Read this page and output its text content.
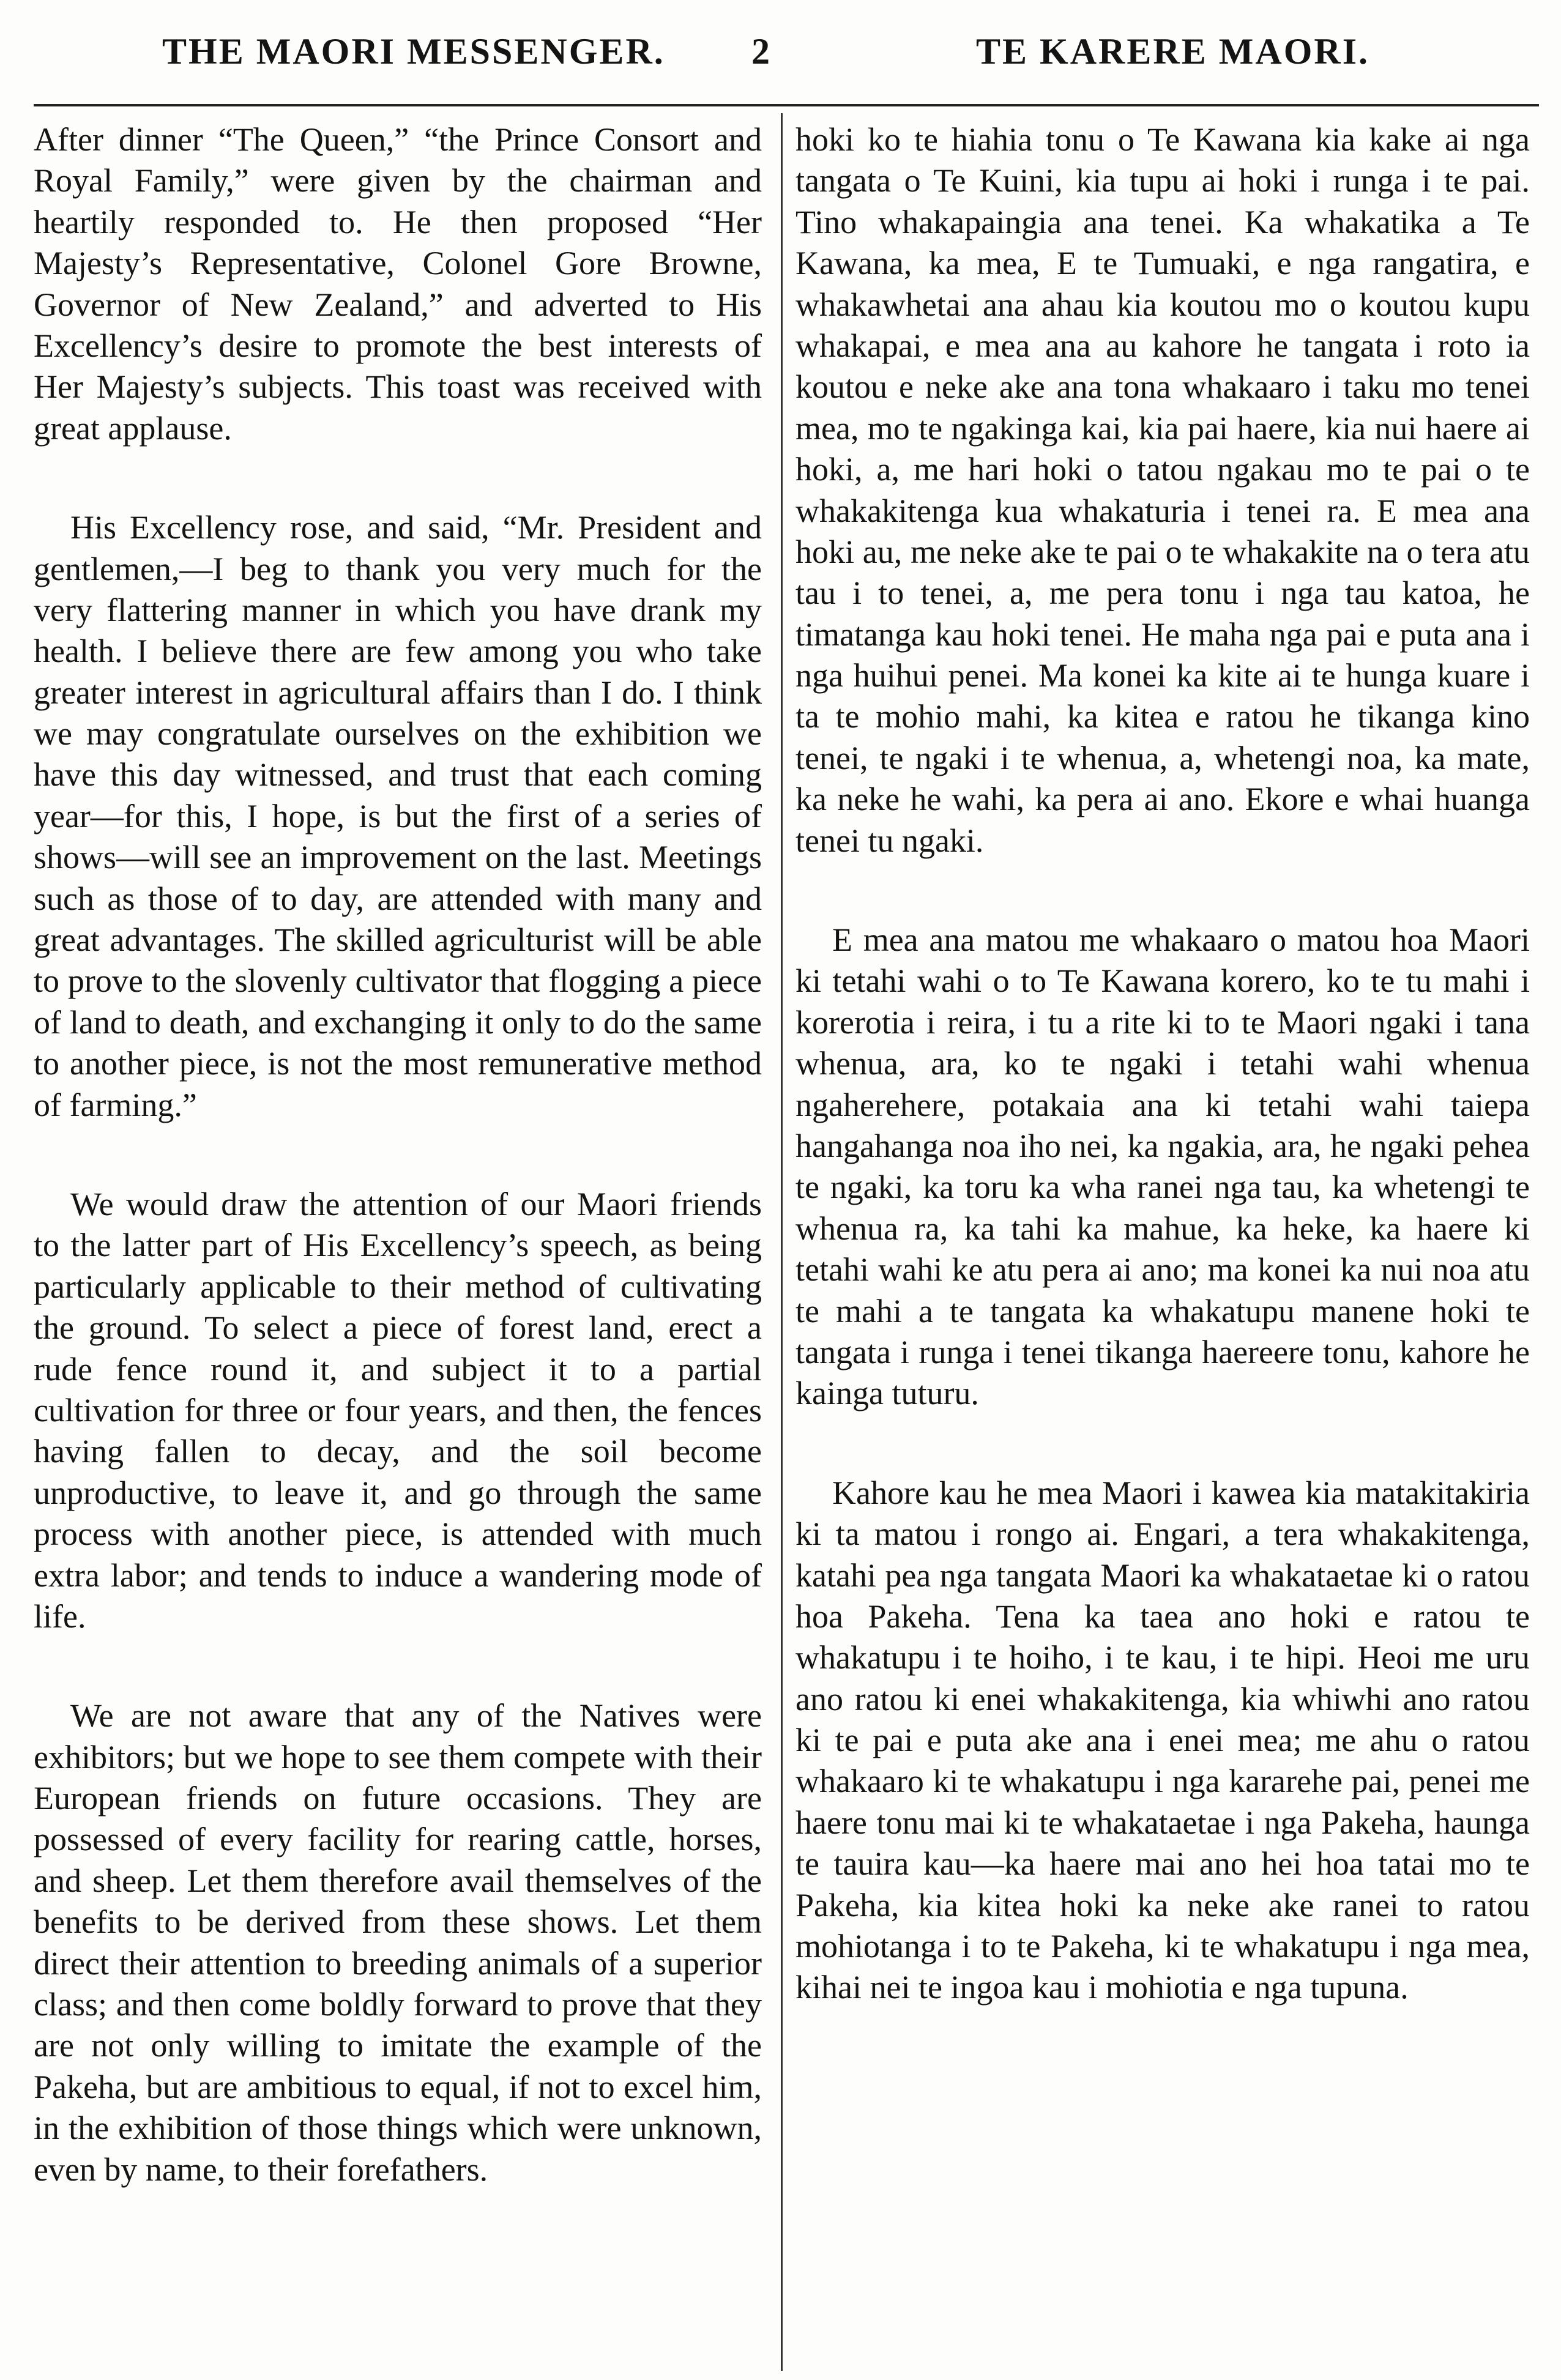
THE MAORI MESSENGER. 2	TE KARERE MAORI.

After dinner “The Queen,” “the Prince Consort and Royal Family,” were given by the chairman and heartily responded to. He then proposed “Her Majesty’s Representative, Colonel Gore Browne, Governor of New Zealand,” and adverted to His Excellency’s desire to promote the best interests of Her Majesty’s subjects. This toast was received with great applause.

His Excellency rose, and said, “Mr. President and gentlemen,—I beg to thank you very much for the very flattering manner in which you have drank my health. I believe there are few among you who take greater interest in agricultural affairs than I do. I think we may congratulate ourselves on the exhibition we have this day witnessed, and trust that each coming year—for this, I hope, is but the first of a series of shows—will see an improvement on the last. Meetings such as those of to day, are attended with many and great advantages. The skilled agriculturist will be able to prove to the slovenly cultivator that flogging a piece of land to death, and exchanging it only to do the same to another piece, is not the most remunerative method of farming.”

We would draw the attention of our Maori friends to the latter part of His Excellency’s speech, as being particularly applicable to their method of cultivating the ground. To select a piece of forest land, erect a rude fence round it, and subject it to a partial cultivation for three or four years, and then, the fences having fallen to decay, and the soil become unproductive, to leave it, and go through the same process with another piece, is attended with much extra labor; and tends to induce a wandering mode of life.

We are not aware that any of the Natives were exhibitors; but we hope to see them compete with their European friends on future occasions. They are possessed of every facility for rearing cattle, horses, and sheep. Let them therefore avail themselves of the benefits to be derived from these shows. Let them direct their attention to breeding animals of a superior class; and then come boldly forward to prove that they are not only willing to imitate the example of the Pakeha, but are ambitious to equal, if not to excel him, in the exhibition of those things which were unknown, even by name, to their forefathers.

hoki ko te hiahia tonu o Te Kawana kia kake ai nga tangata o Te Kuini, kia tupu ai hoki i runga i te pai. Tino whakapaingia ana tenei. Ka whakatika a Te Kawana, ka mea, E te Tumuaki, e nga rangatira, e whakawhetai ana ahau kia koutou mo o koutou kupu whakapai, e mea ana au kahore he tangata i roto ia koutou e neke ake ana tona whakaaro i taku mo tenei mea, mo te ngakinga kai, kia pai haere, kia nui haere ai hoki, a, me hari hoki o tatou ngakau mo te pai o te whakakitenga kua whakaturia i tenei ra. E mea ana hoki au, me neke ake te pai o te whakakite na o tera atu tau i to tenei, a, me pera tonu i nga tau katoa, he timatanga kau hoki tenei. He maha nga pai e puta ana i nga huihui penei. Ma konei ka kite ai te hunga kuare i ta te mohio mahi, ka kitea e ratou he tikanga kino tenei, te ngaki i te whenua, a, whetengi noa, ka mate, ka neke he wahi, ka pera ai ano. Ekore e whai huanga tenei tu ngaki.

E mea ana matou me whakaaro o matou hoa Maori ki tetahi wahi o to Te Kawana korero, ko te tu mahi i korerotia i reira, i tu a rite ki to te Maori ngaki i tana whenua, ara, ko te ngaki i tetahi wahi whenua ngaherehere, potakaia ana ki tetahi wahi taiepa hangahanga noa iho nei, ka ngakia, ara, he ngaki pehea te ngaki, ka toru ka wha ranei nga tau, ka whetengi te whenua ra, ka tahi ka mahue, ka heke, ka haere ki tetahi wahi ke atu pera ai ano; ma konei ka nui noa atu te mahi a te tangata ka whakatupu manene hoki te tangata i runga i tenei tikanga haereere tonu, kahore he kainga tuturu.

Kahore kau he mea Maori i kawea kia matakitakiria ki ta matou i rongo ai. Engari, a tera whakakitenga, katahi pea nga tangata Maori ka whakataetae ki o ratou hoa Pakeha. Tena ka taea ano hoki e ratou te whakatupu i te hoiho, i te kau, i te hipi. Heoi me uru ano ratou ki enei whakakitenga, kia whiwhi ano ratou ki te pai e puta ake ana i enei mea; me ahu o ratou whakaaro ki te whakatupu i nga kararehe pai, penei me haere tonu mai ki te whakataetae i nga Pakeha, haunga te tauira kau—ka haere mai ano hei hoa tatai mo te Pakeha, kia kitea hoki ka neke ake ranei to ratou mohiotanga i to te Pakeha, ki te whakatupu i nga mea, kihai nei te ingoa kau i mohiotia e nga tupuna.
